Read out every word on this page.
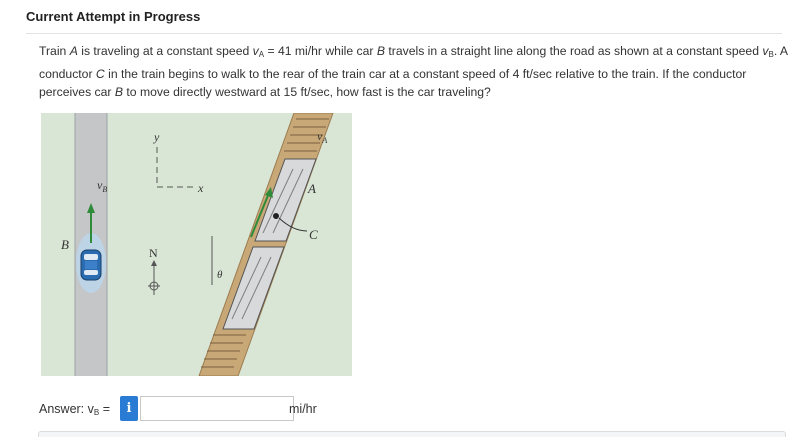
Current Attempt in Progress
Train A is traveling at a constant speed $v_A = 41$ mi/hr while car B travels in a straight line along the road as shown at a constant speed $v_B$. A conductor C in the train begins to walk to the rear of the train car at a constant speed of 4 ft/sec relative to the train. If the conductor perceives car B to move directly westward at 15 ft/sec, how fast is the car traveling?
$v_B$
B
y
x
N
θ
C
A
$v_A$
Answer: $v_B$ =	i	mi/hr
